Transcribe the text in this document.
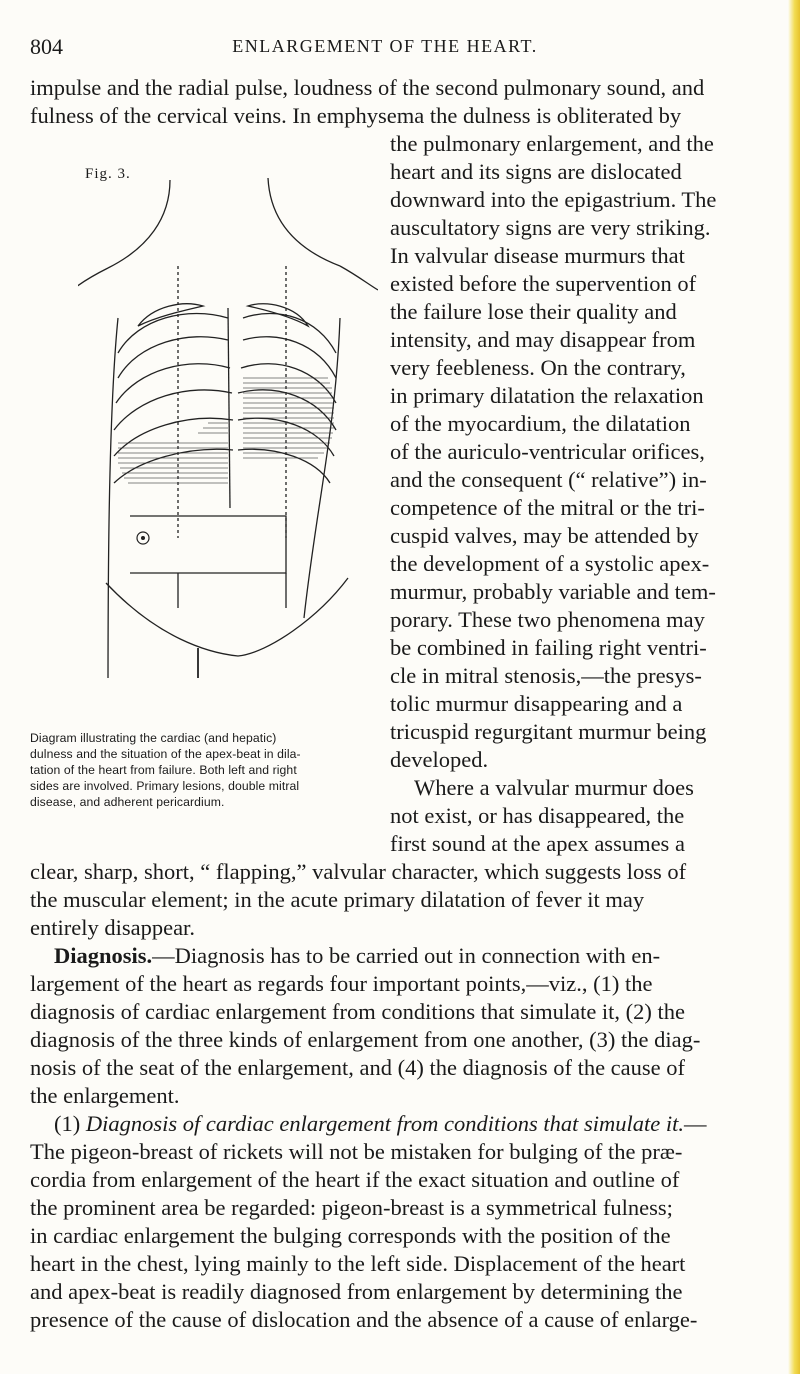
804	ENLARGEMENT OF THE HEART.
impulse and the radial pulse, loudness of the second pulmonary sound, and
fulness of the cervical veins. In emphysema the dulness is obliterated by
the pulmonary enlargement, and the
heart and its signs are dislocated
downward into the epigastrium. The
auscultatory signs are very striking.
In valvular disease murmurs that
existed before the supervention of
the failure lose their quality and
intensity, and may disappear from
very feebleness. On the contrary,
in primary dilatation the relaxation
of the myocardium, the dilatation
of the auriculo-ventricular orifices,
and the consequent (“ relative”) in-
competence of the mitral or the tri-
cuspid valves, may be attended by
the development of a systolic apex-
murmur, probably variable and tem-
porary. These two phenomena may
be combined in failing right ventri-
cle in mitral stenosis,—the presys-
tolic murmur disappearing and a
tricuspid regurgitant murmur being
developed.
Where a valvular murmur does
not exist, or has disappeared, the
first sound at the apex assumes a
Fig. 3.
Diagram illustrating the cardiac (and hepatic)
dulness and the situation of the apex-beat in dila-
tation of the heart from failure. Both left and right
sides are involved. Primary lesions, double mitral
disease, and adherent pericardium.
clear, sharp, short, “ flapping,” valvular character, which suggests loss of
the muscular element; in the acute primary dilatation of fever it may
entirely disappear.
Diagnosis.—Diagnosis has to be carried out in connection with en-
largement of the heart as regards four important points,—viz., (1) the
diagnosis of cardiac enlargement from conditions that simulate it, (2) the
diagnosis of the three kinds of enlargement from one another, (3) the diag-
nosis of the seat of the enlargement, and (4) the diagnosis of the cause of
the enlargement.
(1) Diagnosis of cardiac enlargement from conditions that simulate it.—
The pigeon-breast of rickets will not be mistaken for bulging of the præ-
cordia from enlargement of the heart if the exact situation and outline of
the prominent area be regarded: pigeon-breast is a symmetrical fulness;
in cardiac enlargement the bulging corresponds with the position of the
heart in the chest, lying mainly to the left side. Displacement of the heart
and apex-beat is readily diagnosed from enlargement by determining the
presence of the cause of dislocation and the absence of a cause of enlarge-
